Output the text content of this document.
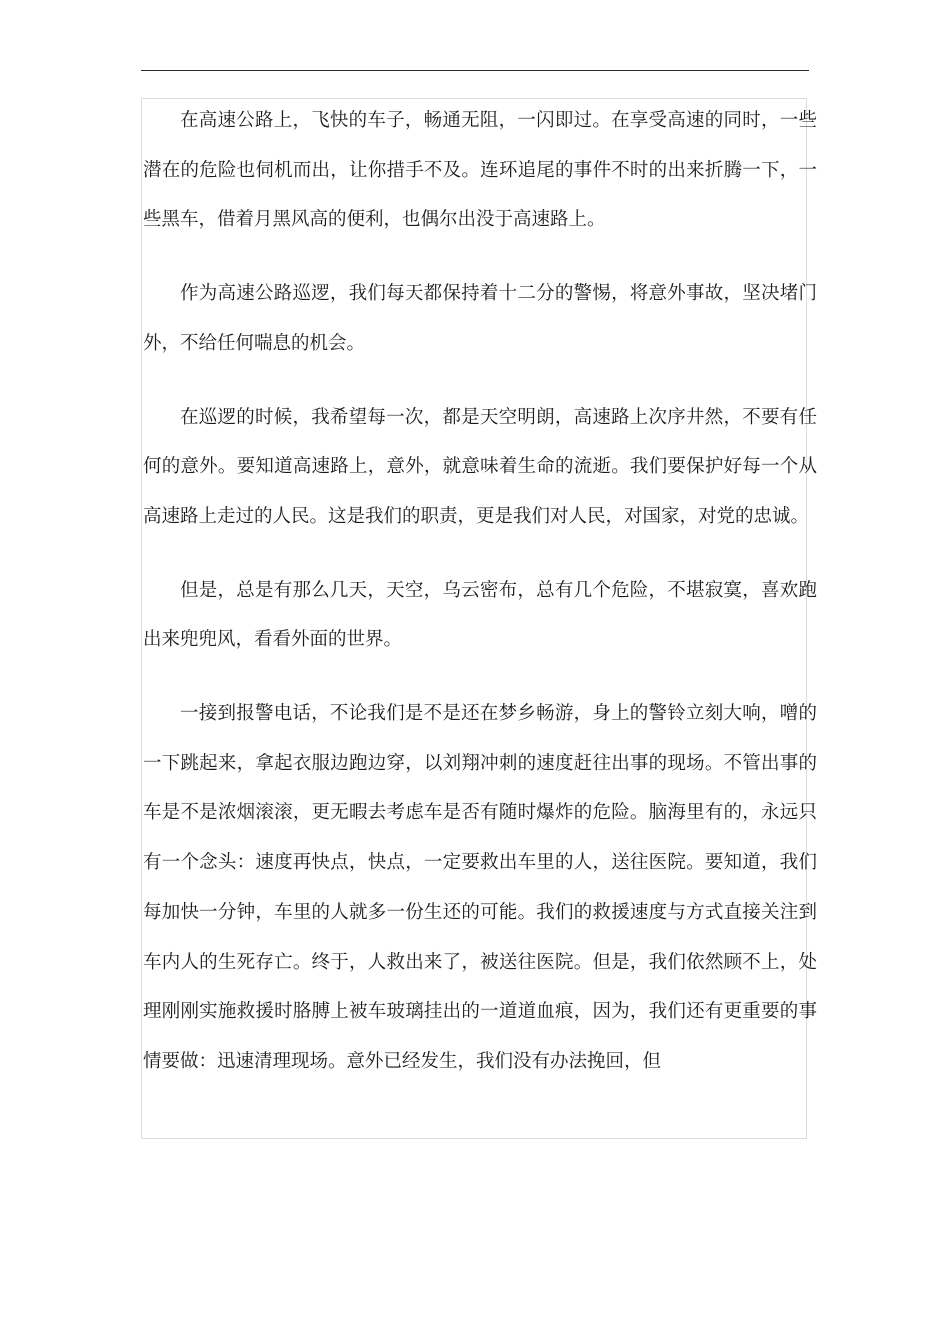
在高速公路上，飞快的车子，畅通无阻，一闪即过。在享受高速的同时，一些潜在的危险也伺机而出，让你措手不及。连环追尾的事件不时的出来折腾一下，一些黑车，借着月黑风高的便利，也偶尔出没于高速路上。

作为高速公路巡逻，我们每天都保持着十二分的警惕，将意外事故，坚决堵门外，不给任何喘息的机会。

在巡逻的时候，我希望每一次，都是天空明朗，高速路上次序井然，不要有任何的意外。要知道高速路上，意外，就意味着生命的流逝。我们要保护好每一个从高速路上走过的人民。这是我们的职责，更是我们对人民，对国家，对党的忠诚。

但是，总是有那么几天，天空，乌云密布，总有几个危险，不堪寂寞，喜欢跑出来兜兜风，看看外面的世界。

一接到报警电话，不论我们是不是还在梦乡畅游，身上的警铃立刻大响，噌的一下跳起来，拿起衣服边跑边穿，以刘翔冲刺的速度赶往出事的现场。不管出事的车是不是浓烟滚滚，更无暇去考虑车是否有随时爆炸的危险。脑海里有的，永远只有一个念头：速度再快点，快点，一定要救出车里的人，送往医院。要知道，我们每加快一分钟，车里的人就多一份生还的可能。我们的救援速度与方式直接关注到车内人的生死存亡。终于，人救出来了，被送往医院。但是，我们依然顾不上，处理刚刚实施救援时胳膊上被车玻璃挂出的一道道血痕，因为，我们还有更重要的事情要做：迅速清理现场。意外已经发生，我们没有办法挽回，但
